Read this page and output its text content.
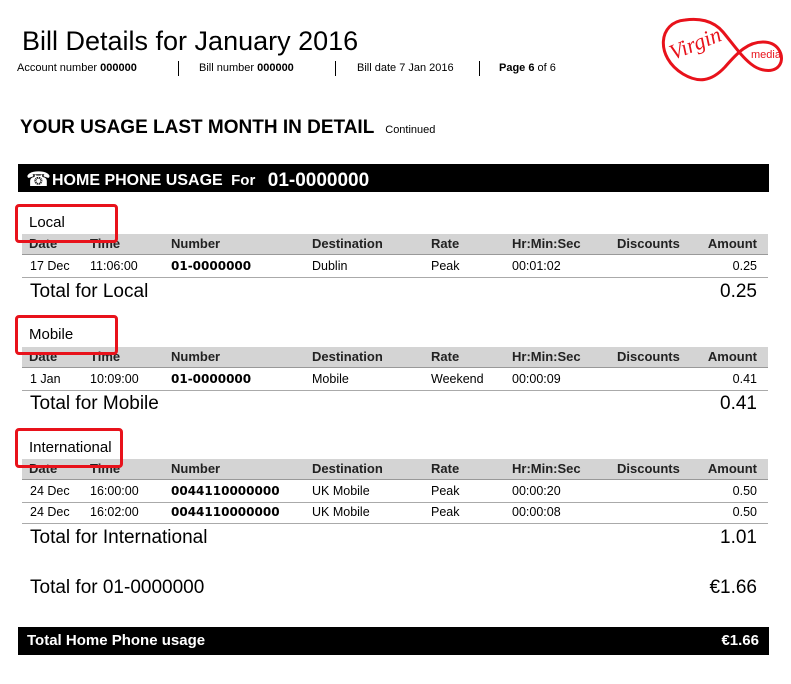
Bill Details for January 2016
Account number 000000	Bill number 000000	Bill date 7 Jan 2016	Page 6 of 6
Virgin media
YOUR USAGE LAST MONTH IN DETAIL Continued
☎ HOME PHONE USAGE For 01-0000000
Local
Date	Time	Number	Destination	Rate	Hr:Min:Sec	Discounts Amount
17 Dec 11:06:00	01-0000000	Dublin	Peak	00:01:02	0.25
Total for Local	0.25
Mobile
Date	Time	Number	Destination	Rate	Hr:Min:Sec	Discounts Amount
1 Jan 10:09:00	01-0000000	Mobile	Weekend 00:00:09	0.41
Total for Mobile	0.41
International
Date	Time	Number	Destination	Rate	Hr:Min:Sec	Discounts Amount
24 Dec 16:00:00	0044110000000	UK Mobile	Peak	00:00:20	0.50
24 Dec 16:02:00	0044110000000	UK Mobile	Peak	00:00:08	0.50
Total for International	1.01
Total for 01-0000000	€1.66
Total Home Phone usage	€1.66
